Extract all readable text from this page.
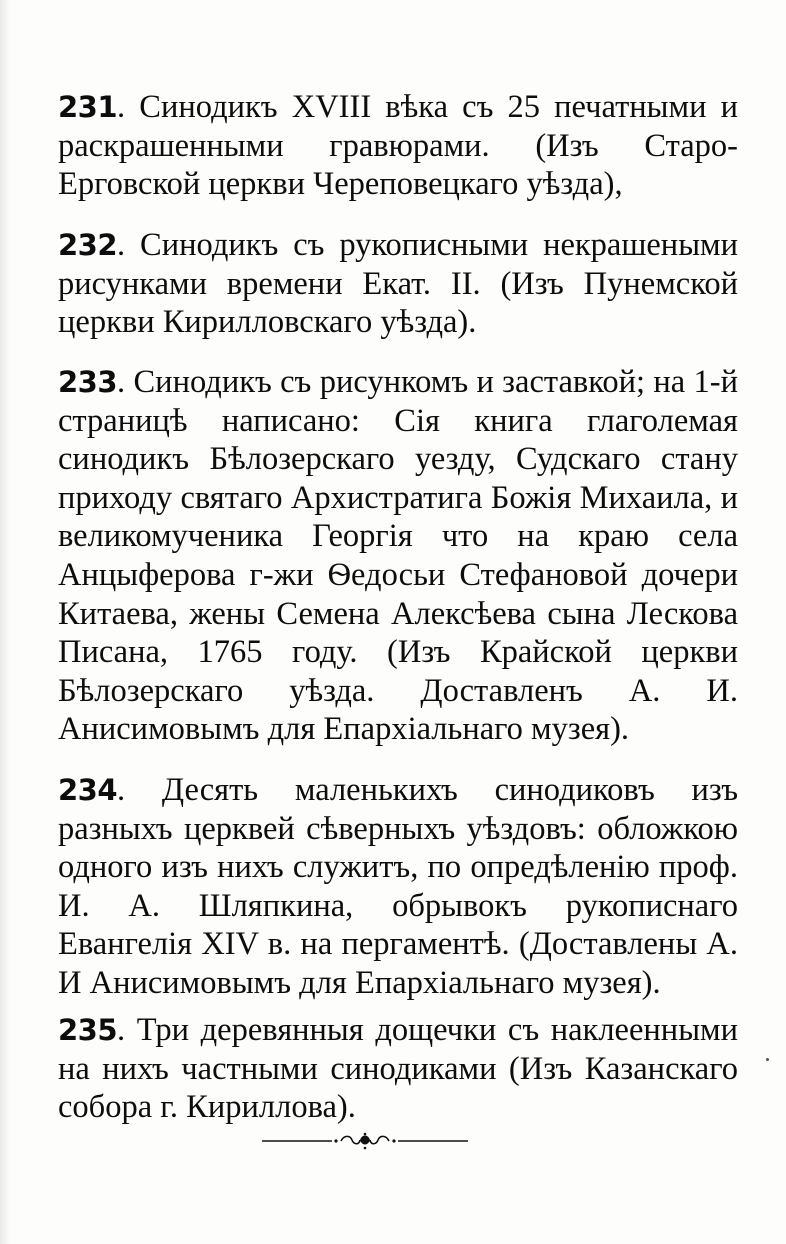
231. Синодикъ XVIII вѣка съ 25 печатными и раскрашенными гравюрами. (Изъ Старо-Ерговской церкви Череповецкаго уѣзда),

232. Синодикъ съ рукописными некрашеными рисунками времени Екат. II. (Изъ Пунемской церкви Кирилловскаго уѣзда).

233. Синодикъ съ рисункомъ и заставкой; на 1-й страницѣ написано: Сія книга глаголемая синодикъ Бѣлозерскаго уезду, Судскаго стану приходу святаго Архистратига Божія Михаила, и великомученика Георгія что на краю села Анцыферова г-жи Ѳедосьи Стефановой дочери Китаева, жены Семена Алексѣева сына Лескова Писана, 1765 году. (Изъ Крайской церкви Бѣлозерскаго уѣзда. Доставленъ А. И. Анисимовымъ для Епархіальнаго музея).

234. Десять маленькихъ синодиковъ изъ разныхъ церквей сѣверныхъ уѣздовъ: обложкою одного изъ нихъ служитъ, по опредѣленію проф. И. А. Шляпкина, обрывокъ рукописнаго Евангелія XIV в. на пергаментѣ. (Доставлены А. И Анисимовымъ для Епархіальнаго музея).

235. Три деревянныя дощечки съ наклеенными на нихъ частными синодиками (Изъ Казанскаго собора г. Кириллова).
